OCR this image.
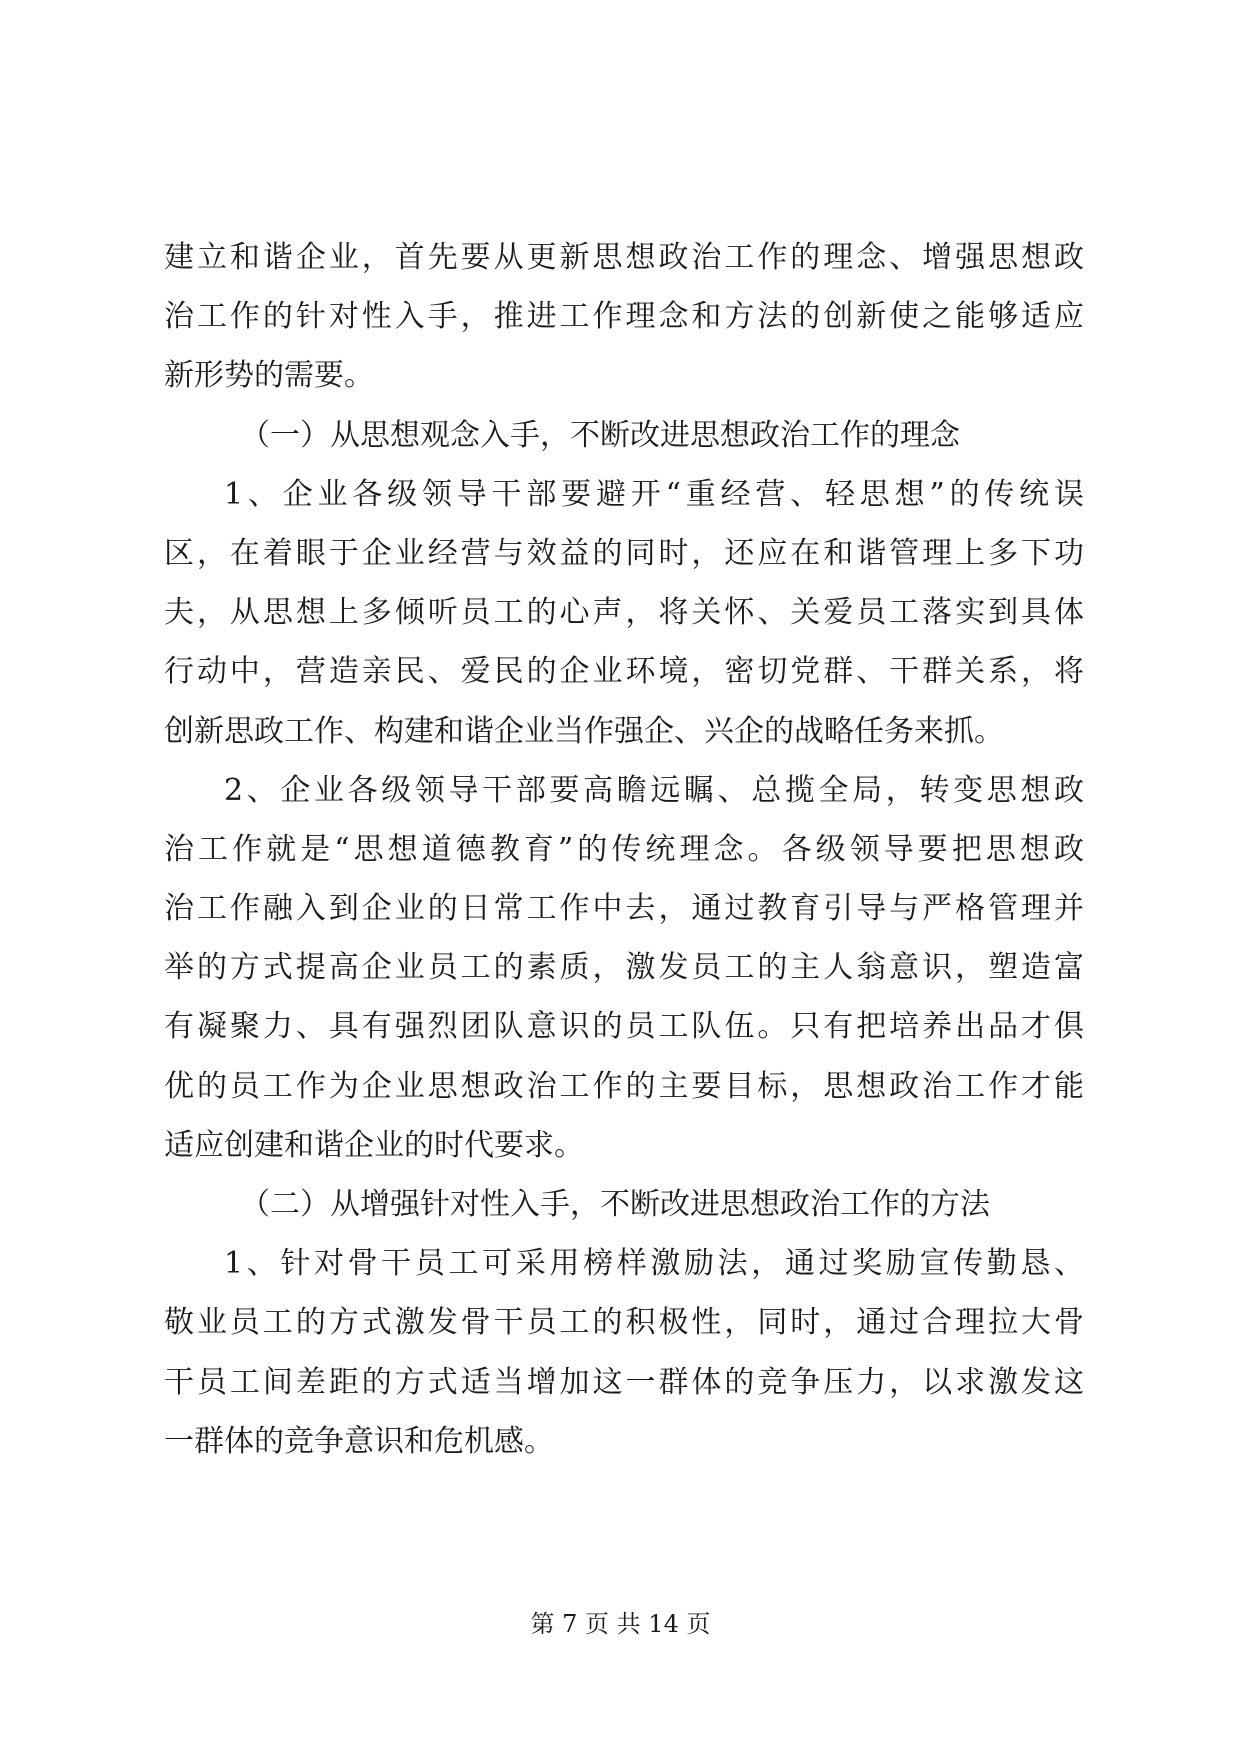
建立和谐企业，首先要从更新思想政治工作的理念、增强思想政
治工作的针对性入手，推进工作理念和方法的创新使之能够适应
新形势的需要。
（一）从思想观念入手，不断改进思想政治工作的理念
1、企业各级领导干部要避开“重经营、轻思想”的传统误
区，在着眼于企业经营与效益的同时，还应在和谐管理上多下功
夫，从思想上多倾听员工的心声，将关怀、关爱员工落实到具体
行动中，营造亲民、爱民的企业环境，密切党群、干群关系，将
创新思政工作、构建和谐企业当作强企、兴企的战略任务来抓。
2、企业各级领导干部要高瞻远瞩、总揽全局，转变思想政
治工作就是“思想道德教育”的传统理念。各级领导要把思想政
治工作融入到企业的日常工作中去，通过教育引导与严格管理并
举的方式提高企业员工的素质，激发员工的主人翁意识，塑造富
有凝聚力、具有强烈团队意识的员工队伍。只有把培养出品才俱
优的员工作为企业思想政治工作的主要目标，思想政治工作才能
适应创建和谐企业的时代要求。
（二）从增强针对性入手，不断改进思想政治工作的方法
1、针对骨干员工可采用榜样激励法，通过奖励宣传勤恳、
敬业员工的方式激发骨干员工的积极性，同时，通过合理拉大骨
干员工间差距的方式适当增加这一群体的竞争压力，以求激发这
一群体的竞争意识和危机感。
第 7 页 共 14 页
